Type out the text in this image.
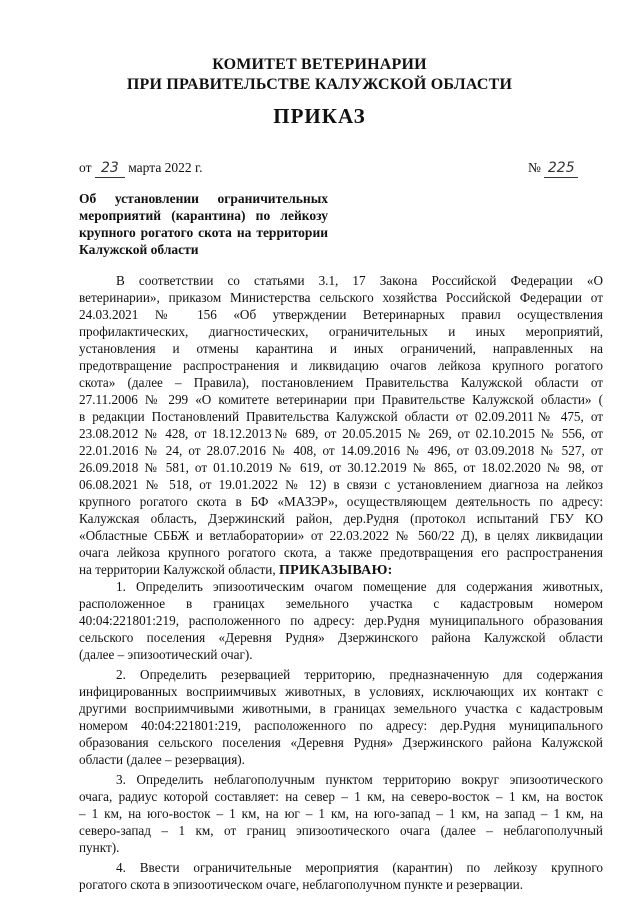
КОМИТЕТ ВЕТЕРИНАРИИ
ПРИ ПРАВИТЕЛЬСТВЕ КАЛУЖСКОЙ ОБЛАСТИ
ПРИКАЗ
от 23 марта 2022 г.	№ 225
Об установлении ограничительных
мероприятий (карантина) по лейкозу
крупного рогатого скота на территории
Калужской области
В соответствии со статьями 3.1, 17 Закона Российской Федерации «О
ветеринарии», приказом Министерства сельского хозяйства Российской Федерации от
24.03.2021 № 156 «Об утверждении Ветеринарных правил осуществления
профилактических, диагностических, ограничительных и иных мероприятий,
установления и отмены карантина и иных ограничений, направленных на
предотвращение распространения и ликвидацию очагов лейкоза крупного рогатого
скота» (далее – Правила), постановлением Правительства Калужской области от
27.11.2006 № 299 «О комитете ветеринарии при Правительстве Калужской области» (
в редакции Постановлений Правительства Калужской области от 02.09.2011№ 475, от
23.08.2012 № 428, от 18.12.2013№ 689, от 20.05.2015 № 269, от 02.10.2015 № 556, от
22.01.2016 № 24, от 28.07.2016 № 408, от 14.09.2016 № 496, от 03.09.2018 № 527, от
26.09.2018 № 581, от 01.10.2019 № 619, от 30.12.2019 № 865, от 18.02.2020 № 98, от
06.08.2021 № 518, от 19.01.2022 № 12) в связи с установлением диагноза на лейкоз
крупного рогатого скота в БФ «МАЗЭР», осуществляющем деятельность по адресу:
Калужская область, Дзержинский район, дер.Рудня (протокол испытаний ГБУ КО
«Областные СББЖ и ветлаборатории» от 22.03.2022 № 560/22 Д), в целях ликвидации
очага лейкоза крупного рогатого скота, а также предотвращения его распространения
на территории Калужской области, ПРИКАЗЫВАЮ:
1. Определить эпизоотическим очагом помещение для содержания животных,
расположенное в границах земельного участка с кадастровым номером
40:04:221801:219, расположенного по адресу: дер.Рудня муниципального образования
сельского поселения «Деревня Рудня» Дзержинского района Калужской области
(далее – эпизоотический очаг).
2. Определить резервацией территорию, предназначенную для содержания
инфицированных восприимчивых животных, в условиях, исключающих их контакт с
другими восприимчивыми животными, в границах земельного участка с кадастровым
номером 40:04:221801:219, расположенного по адресу: дер.Рудня муниципального
образования сельского поселения «Деревня Рудня» Дзержинского района Калужской
области (далее – резервация).
3. Определить неблагополучным пунктом территорию вокруг эпизоотического
очага, радиус которой составляет: на север – 1 км, на северо-восток – 1 км, на восток
– 1 км, на юго-восток – 1 км, на юг – 1 км, на юго-запад – 1 км, на запад – 1 км, на
северо-запад – 1 км, от границ эпизоотического очага (далее – неблагополучный
пункт).
4. Ввести ограничительные мероприятия (карантин) по лейкозу крупного
рогатого скота в эпизоотическом очаге, неблагополучном пункте и резервации.
